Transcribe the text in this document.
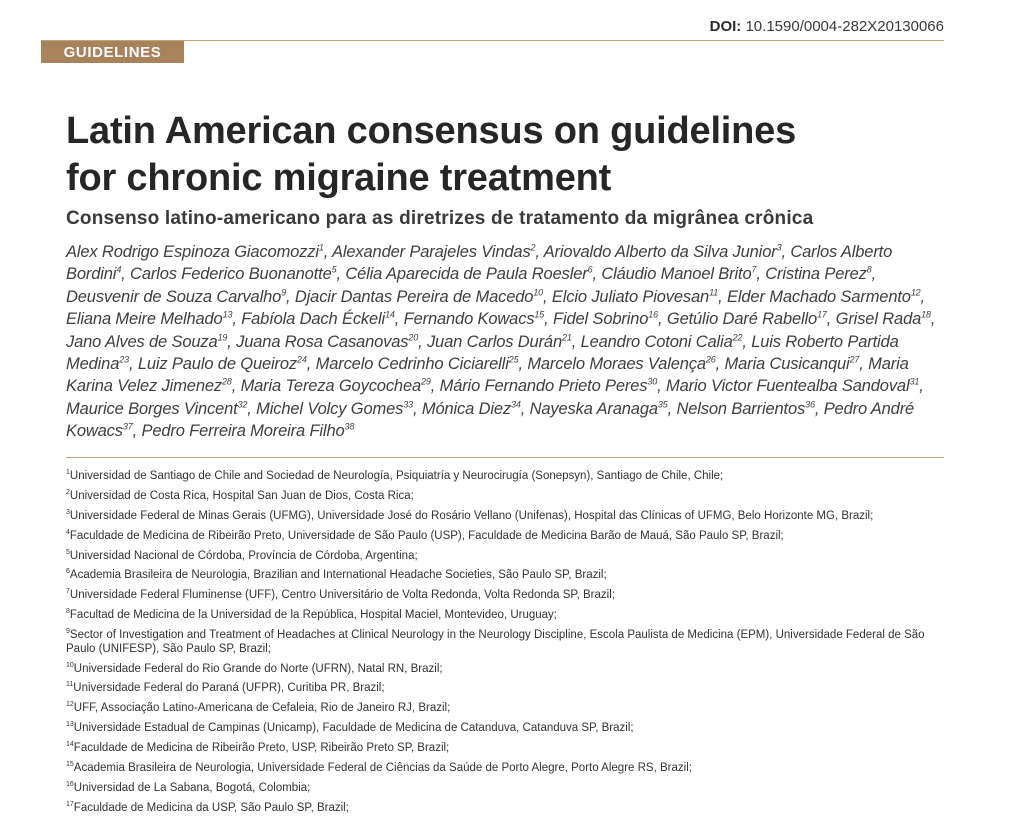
DOI: 10.1590/0004-282X20130066
GUIDELINES
Latin American consensus on guidelines
for chronic migraine treatment
Consenso latino-americano para as diretrizes de tratamento da migrânea crônica

Alex Rodrigo Espinoza Giacomozzi$^1$, Alexander Parajeles Vindas$^2$, Ariovaldo Alberto da Silva Junior$^3$, Carlos Alberto Bordini$^4$, Carlos Federico Buonanotte$^5$, Célia Aparecida de Paula Roesler$^6$, Cláudio Manoel Brito$^7$, Cristina Perez$^8$, Deusvenir de Souza Carvalho$^9$, Djacir Dantas Pereira de Macedo$^{10}$, Elcio Juliato Piovesan$^{11}$, Elder Machado Sarmento$^{12}$, Eliana Meire Melhado$^{13}$, Fabíola Dach Éckeli$^{14}$, Fernando Kowacs$^{15}$, Fidel Sobrino$^{16}$, Getúlio Daré Rabello$^{17}$, Grisel Rada$^{18}$, Jano Alves de Souza$^{19}$, Juana Rosa Casanovas$^{20}$, Juan Carlos Durán$^{21}$, Leandro Cotoni Calia$^{22}$, Luis Roberto Partida Medina$^{23}$, Luiz Paulo de Queiroz$^{24}$, Marcelo Cedrinho Ciciarelli$^{25}$, Marcelo Moraes Valença$^{26}$, Maria Cusicanqui$^{27}$, Maria Karina Velez Jimenez$^{28}$, Maria Tereza Goycochea$^{29}$, Mário Fernando Prieto Peres$^{30}$, Mario Victor Fuentealba Sandoval$^{31}$, Maurice Borges Vincent$^{32}$, Michel Volcy Gomes$^{33}$, Mónica Diez$^{34}$, Nayeska Aranaga$^{35}$, Nelson Barrientos$^{36}$, Pedro André Kowacs$^{37}$, Pedro Ferreira Moreira Filho$^{38}$

$^1$Universidad de Santiago de Chile and Sociedad de Neurología, Psiquiatría y Neurocirugía (Sonepsyn), Santiago de Chile, Chile;
$^2$Universidad de Costa Rica, Hospital San Juan de Dios, Costa Rica;
$^3$Universidade Federal de Minas Gerais (UFMG), Universidade José do Rosário Vellano (Unifenas), Hospital das Clínicas of UFMG, Belo Horizonte MG, Brazil;
$^4$Faculdade de Medicina de Ribeirão Preto, Universidade de São Paulo (USP), Faculdade de Medicina Barão de Mauá, São Paulo SP, Brazil;
$^5$Universidad Nacional de Córdoba, Província de Córdoba, Argentina;
$^6$Academia Brasileira de Neurologia, Brazilian and International Headache Societies, São Paulo SP, Brazil;
$^7$Universidade Federal Fluminense (UFF), Centro Universitário de Volta Redonda, Volta Redonda SP, Brazil;
$^8$Facultad de Medicina de la Universidad de la República, Hospital Maciel, Montevideo, Uruguay;
$^9$Sector of Investigation and Treatment of Headaches at Clinical Neurology in the Neurology Discipline, Escola Paulista de Medicina (EPM), Universidade Federal de São Paulo (UNIFESP), São Paulo SP, Brazil;
$^{10}$Universidade Federal do Rio Grande do Norte (UFRN), Natal RN, Brazil;
$^{11}$Universidade Federal do Paraná (UFPR), Curitiba PR, Brazil;
$^{12}$UFF, Associação Latino-Americana de Cefaleia, Rio de Janeiro RJ, Brazil;
$^{13}$Universidade Estadual de Campinas (Unicamp), Faculdade de Medicina de Catanduva, Catanduva SP, Brazil;
$^{14}$Faculdade de Medicina de Ribeirão Preto, USP, Ribeirão Preto SP, Brazil;
$^{15}$Academia Brasileira de Neurologia, Universidade Federal de Ciências da Saúde de Porto Alegre, Porto Alegre RS, Brazil;
$^{16}$Universidad de La Sabana, Bogotá, Colombia;
$^{17}$Faculdade de Medicina da USP, São Paulo SP, Brazil;
